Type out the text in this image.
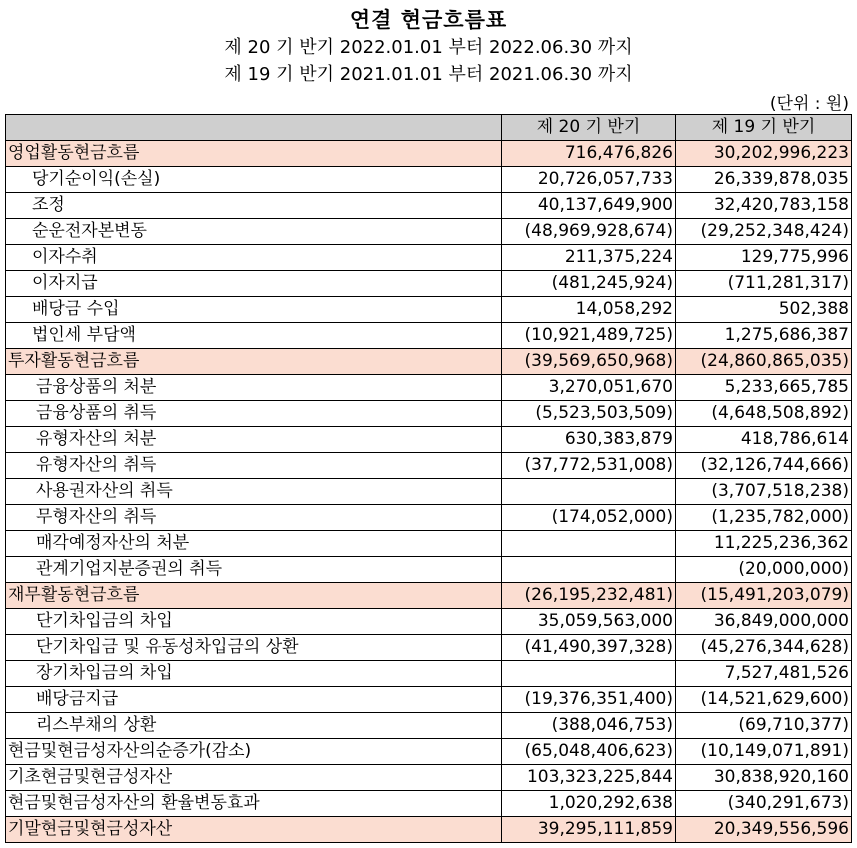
연결 현금흐름표
제 20 기 반기 2022.01.01 부터 2022.06.30 까지
제 19 기 반기 2021.01.01 부터 2021.06.30 까지
(단위 : 원)
	제 20 기 반기	제 19 기 반기
영업활동현금흐름	716,476,826	30,202,996,223
당기순이익(손실)	20,726,057,733	26,339,878,035
조정	40,137,649,900	32,420,783,158
순운전자본변동	(48,969,928,674)	(29,252,348,424)
이자수취	211,375,224	129,775,996
이자지급	(481,245,924)	(711,281,317)
배당금 수입	14,058,292	502,388
법인세 부담액	(10,921,489,725)	1,275,686,387
투자활동현금흐름	(39,569,650,968)	(24,860,865,035)
금융상품의 처분	3,270,051,670	5,233,665,785
금융상품의 취득	(5,523,503,509)	(4,648,508,892)
유형자산의 처분	630,383,879	418,786,614
유형자산의 취득	(37,772,531,008)	(32,126,744,666)
사용권자산의 취득		(3,707,518,238)
무형자산의 취득	(174,052,000)	(1,235,782,000)
매각예정자산의 처분		11,225,236,362
관계기업지분증권의 취득		(20,000,000)
재무활동현금흐름	(26,195,232,481)	(15,491,203,079)
단기차입금의 차입	35,059,563,000	36,849,000,000
단기차입금 및 유동성차입금의 상환	(41,490,397,328)	(45,276,344,628)
장기차입금의 차입		7,527,481,526
배당금지급	(19,376,351,400)	(14,521,629,600)
리스부채의 상환	(388,046,753)	(69,710,377)
현금및현금성자산의순증가(감소)	(65,048,406,623)	(10,149,071,891)
기초현금및현금성자산	103,323,225,844	30,838,920,160
현금및현금성자산의 환율변동효과	1,020,292,638	(340,291,673)
기말현금및현금성자산	39,295,111,859	20,349,556,596
